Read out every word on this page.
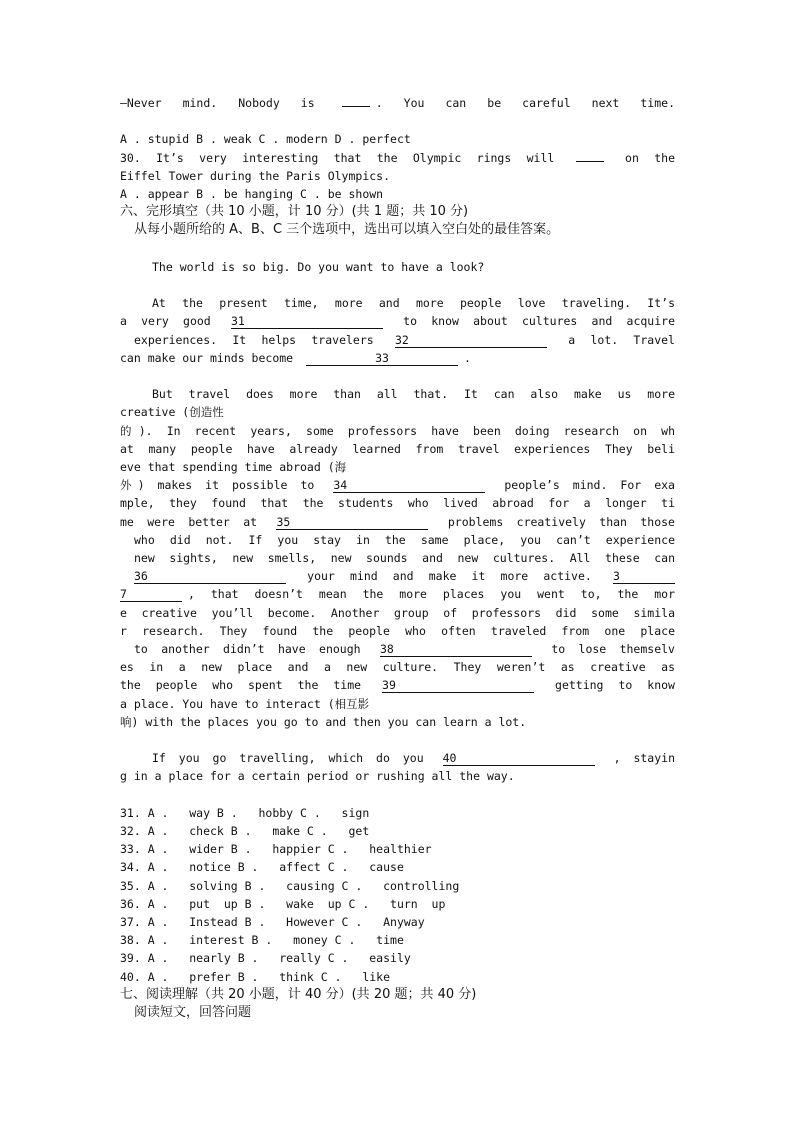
—Never mind. Nobody is	. You can be careful next time.
A . stupid B . weak C . modern D . perfect
30. It’s very interesting that the Olympic rings will	on the
Eiffel Tower during the Paris Olympics.
A . appear B . be hanging C . be shown
六、完形填空（共 10 小题，计 10 分）(共 1 题；共 10 分)
从每小题所给的 A、B、C 三个选项中，选出可以填入空白处的最佳答案。
The world is so big. Do you want to have a look?
At the present time, more and more people love traveling. It’s
a very good 31	to know about cultures and acquire
experiences. It helps travelers 32	a lot. Travel
can make our minds become	33	.
But travel does more than all that. It can also make us more
creative (创造性
的). In recent years, some professors have been doing research on wh
at many people have already learned from travel experiences They beli
eve that spending time abroad (海
外) makes it possible to 34	people’s mind. For exa
mple, they found that the students who lived abroad for a longer ti
me were better at 35	problems creatively than those
who did not. If you stay in the same place, you can’t experience
new sights, new smells, new sounds and new cultures. All these can
36	your mind and make it more active. 3
7	, that doesn’t mean the more places you went to, the mor
e creative you’ll become. Another group of professors did some simila
r research. They found the people who often traveled from one place
to another didn’t have enough 38	to lose themselv
es in a new place and a new culture. They weren’t as creative as
the people who spent the time 39	getting to know
a place. You have to interact (相互影
响) with the places you go to and then you can learn a lot.
If you go travelling, which do you 40	, stayin
g in a place for a certain period or rushing all the way.
31. A .   way B .   hobby C .   sign
32. A .   check B .   make C .   get
33. A .   wider B .   happier C .   healthier
34. A .   notice B .   affect C .   cause
35. A .   solving B .   causing C .   controlling
36. A .   put  up B .   wake  up C .   turn  up
37. A .   Instead B .   However C .   Anyway
38. A .   interest B .   money C .   time
39. A .   nearly B .   really C .   easily
40. A .   prefer B .   think C .   like
七、阅读理解（共 20 小题，计 40 分）(共 20 题；共 40 分)
阅读短文，回答问题
